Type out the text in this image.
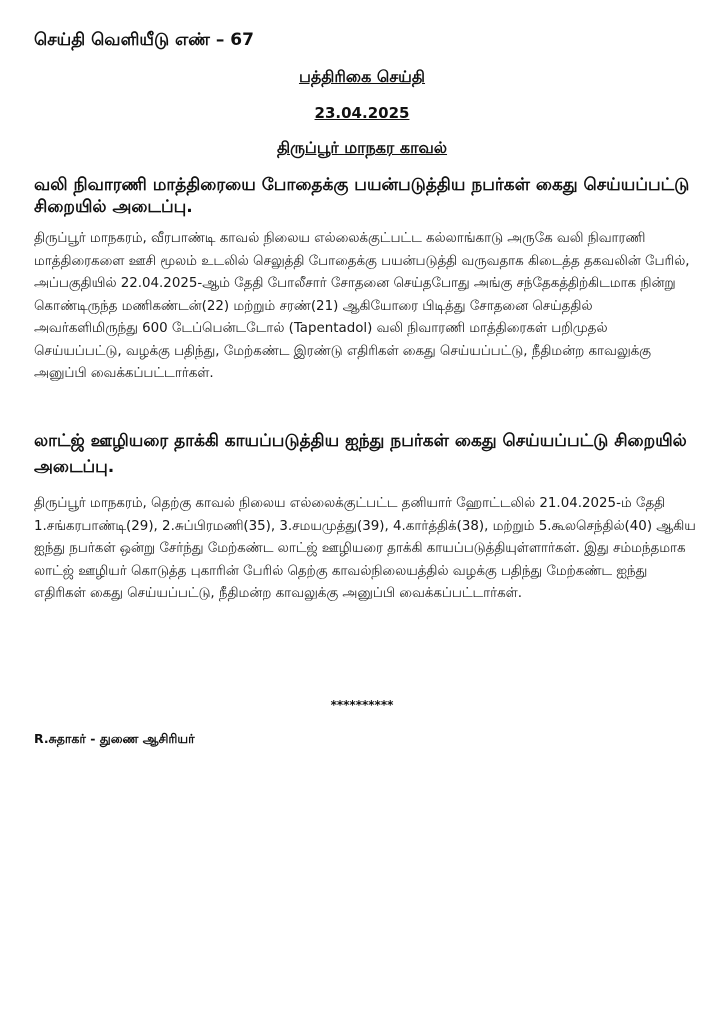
செய்தி வெளியீடு எண் – 67
பத்திரிகை செய்தி
23.04.2025
திருப்பூர் மாநகர காவல்
வலி நிவாரணி மாத்திரையை போதைக்கு பயன்படுத்திய நபர்கள் கைது செய்யப்பட்டு சிறையில் அடைப்பு.
திருப்பூர் மாநகரம், வீரபாண்டி காவல் நிலைய எல்லைக்குட்பட்ட கல்லாங்காடு அருகே வலி நிவாரணி மாத்திரைகளை ஊசி மூலம் உடலில் செலுத்தி போதைக்கு பயன்படுத்தி வருவதாக கிடைத்த தகவலின் பேரில், அப்பகுதியில் 22.04.2025-ஆம் தேதி போலீசார் சோதனை செய்தபோது அங்கு சந்தேகத்திற்கிடமாக நின்று கொண்டிருந்த மணிகண்டன்(22) மற்றும் சரண்(21) ஆகியோரை பிடித்து சோதனை செய்ததில் அவர்களிமிருந்து 600 டேப்பென்டடோல் (Tapentadol) வலி நிவாரணி மாத்திரைகள் பறிமுதல் செய்யப்பட்டு, வழக்கு பதிந்து, மேற்கண்ட இரண்டு எதிரிகள் கைது செய்யப்பட்டு, நீதிமன்ற காவலுக்கு அனுப்பி வைக்கப்பட்டார்கள்.
லாட்ஜ் ஊழியரை தாக்கி காயப்படுத்திய ஐந்து நபர்கள் கைது செய்யப்பட்டு சிறையில் அடைப்பு.
திருப்பூர் மாநகரம், தெற்கு காவல் நிலைய எல்லைக்குட்பட்ட தனியார் ஹோட்டலில் 21.04.2025-ம் தேதி 1.சங்கரபாண்டி(29), 2.சுப்பிரமணி(35), 3.சமயமுத்து(39), 4.கார்த்திக்(38), மற்றும் 5.கூலசெந்தில்(40) ஆகிய ஐந்து நபர்கள் ஒன்று சேர்ந்து மேற்கண்ட லாட்ஜ் ஊழியரை தாக்கி காயப்படுத்தியுள்ளார்கள். இது சம்மந்தமாக லாட்ஜ் ஊழியர் கொடுத்த புகாரின் பேரில் தெற்கு காவல்நிலையத்தில் வழக்கு பதிந்து மேற்கண்ட ஐந்து எதிரிகள் கைது செய்யப்பட்டு, நீதிமன்ற காவலுக்கு அனுப்பி வைக்கப்பட்டார்கள்.
**********
R.சுதாகர் - துணை ஆசிரியர்
